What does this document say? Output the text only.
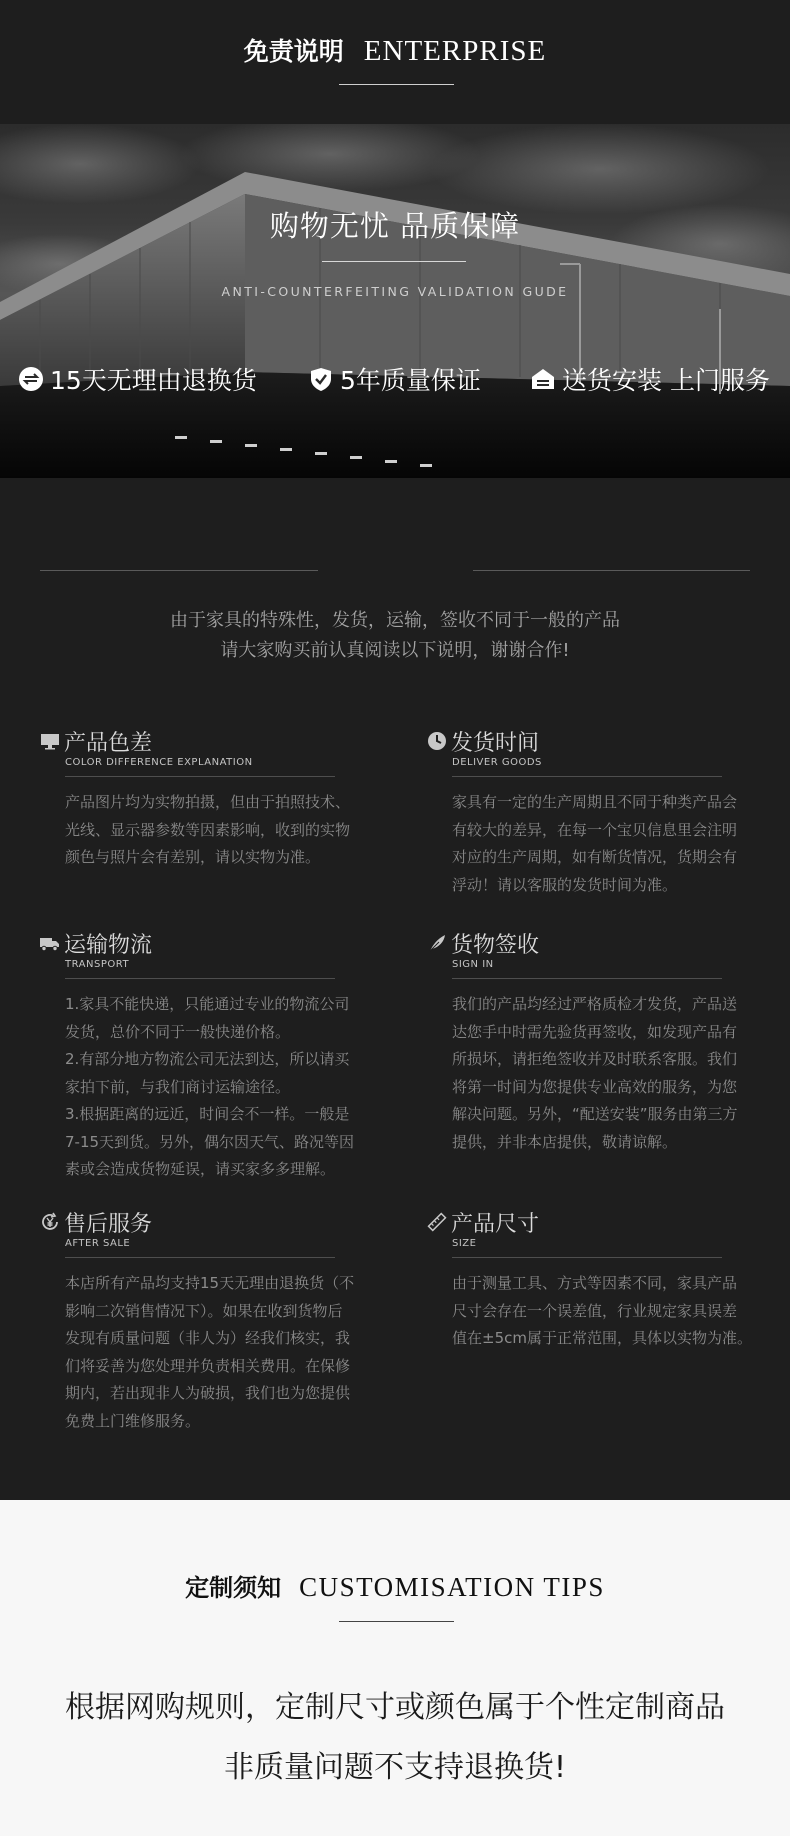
免责说明 ENTERPRISE
购物无忧 品质保障
ANTI-COUNTERFEITING VALIDATION GUDE
15天无理由退换货	5年质量保证	送货安装 上门服务
由于家具的特殊性，发货，运输，签收不同于一般的产品
请大家购买前认真阅读以下说明，谢谢合作!
产品色差
COLOR DIFFERENCE EXPLANATION
产品图片均为实物拍摄，但由于拍照技术、
光线、显示器参数等因素影响，收到的实物
颜色与照片会有差别，请以实物为准。
发货时间
DELIVER GOODS
家具有一定的生产周期且不同于种类产品会
有较大的差异，在每一个宝贝信息里会注明
对应的生产周期，如有断货情况，货期会有
浮动！请以客服的发货时间为准。
运输物流
TRANSPORT
1.家具不能快递，只能通过专业的物流公司
发货，总价不同于一般快递价格。
2.有部分地方物流公司无法到达，所以请买
家拍下前，与我们商讨运输途径。
3.根据距离的远近，时间会不一样。一般是
7-15天到货。另外，偶尔因天气、路况等因
素或会造成货物延误，请买家多多理解。
货物签收
SIGN IN
我们的产品均经过严格质检才发货，产品送
达您手中时需先验货再签收，如发现产品有
所损坏，请拒绝签收并及时联系客服。我们
将第一时间为您提供专业高效的服务，为您
解决问题。另外，“配送安装”服务由第三方
提供，并非本店提供，敬请谅解。
售后服务
AFTER SALE
本店所有产品均支持15天无理由退换货（不
影响二次销售情况下）。如果在收到货物后
发现有质量问题（非人为）经我们核实，我
们将妥善为您处理并负责相关费用。在保修
期内，若出现非人为破损，我们也为您提供
免费上门维修服务。
产品尺寸
SIZE
由于测量工具、方式等因素不同，家具产品
尺寸会存在一个误差值，行业规定家具误差
值在±5cm属于正常范围，具体以实物为准。
定制须知 CUSTOMISATION TIPS
根据网购规则，定制尺寸或颜色属于个性定制商品
非质量问题不支持退换货!
